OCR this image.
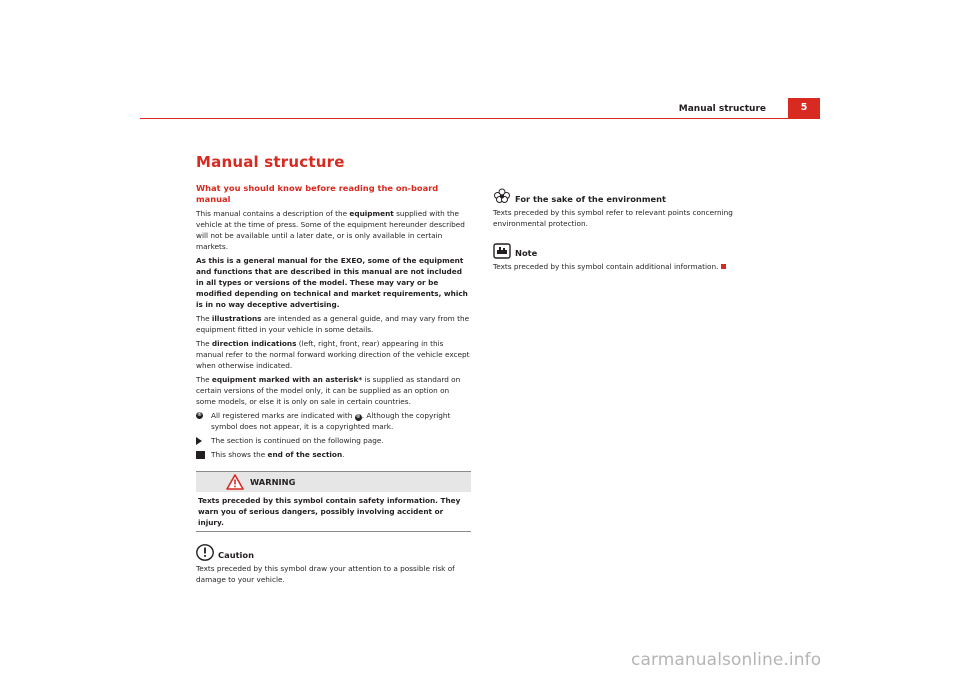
Manual structure	5
Manual structure
What you should know before reading the on-board manual

This manual contains a description of the equipment supplied with the vehicle at the time of press. Some of the equipment hereunder described will not be available until a later date, or is only available in certain markets.

As this is a general manual for the EXEO, some of the equipment and functions that are described in this manual are not included in all types or versions of the model. These may vary or be modified depending on technical and market requirements, which is in no way deceptive advertising.

The illustrations are intended as a general guide, and may vary from the equipment fitted in your vehicle in some details.

The direction indications (left, right, front, rear) appearing in this manual refer to the normal forward working direction of the vehicle except when otherwise indicated.

The equipment marked with an asterisk* is supplied as standard on certain versions of the model only, it can be supplied as an option on some models, or else it is only on sale in certain countries.

® All registered marks are indicated with ®. Although the copyright symbol does not appear, it is a copyrighted mark.
The section is continued on the following page.
This shows the end of the section.
WARNING
Texts preceded by this symbol contain safety information. They warn you of serious dangers, possibly involving accident or injury.
Caution

Texts preceded by this symbol draw your attention to a possible risk of damage to your vehicle.

For the sake of the environment

Texts preceded by this symbol refer to relevant points concerning environmental protection.

Note

Texts preceded by this symbol contain additional information.

carmanualsonline.info
